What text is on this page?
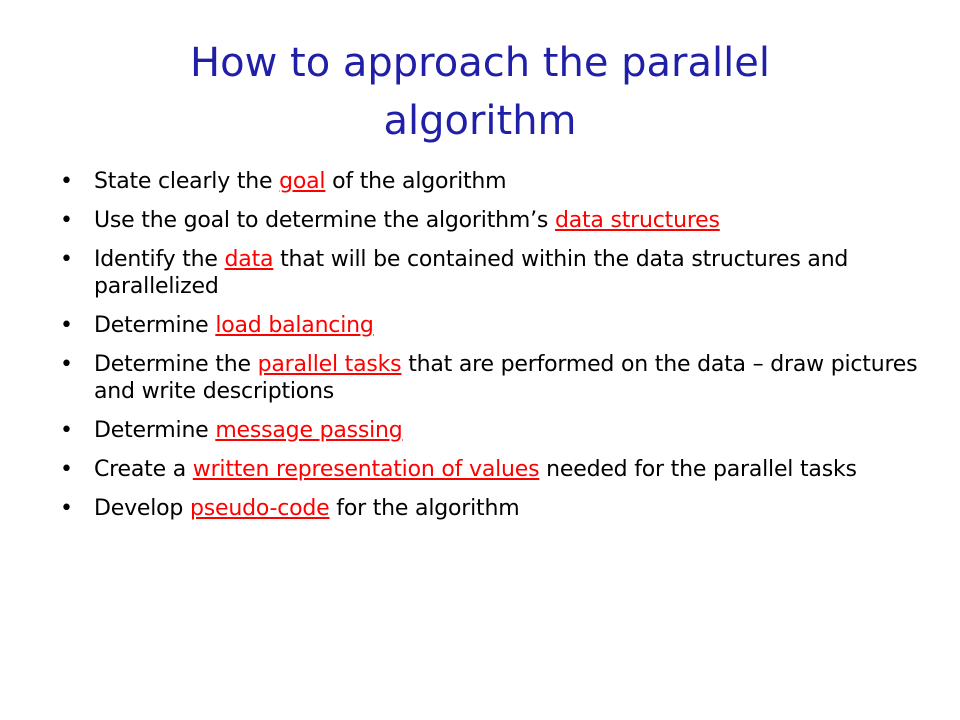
How to approach the parallel algorithm
• State clearly the goal of the algorithm
• Use the goal to determine the algorithm’s data structures
• Identify the data that will be contained within the data structures and parallelized
• Determine load balancing
• Determine the parallel tasks that are performed on the data – draw pictures and write descriptions
• Determine message passing
• Create a written representation of values needed for the parallel tasks
• Develop pseudo-code for the algorithm
